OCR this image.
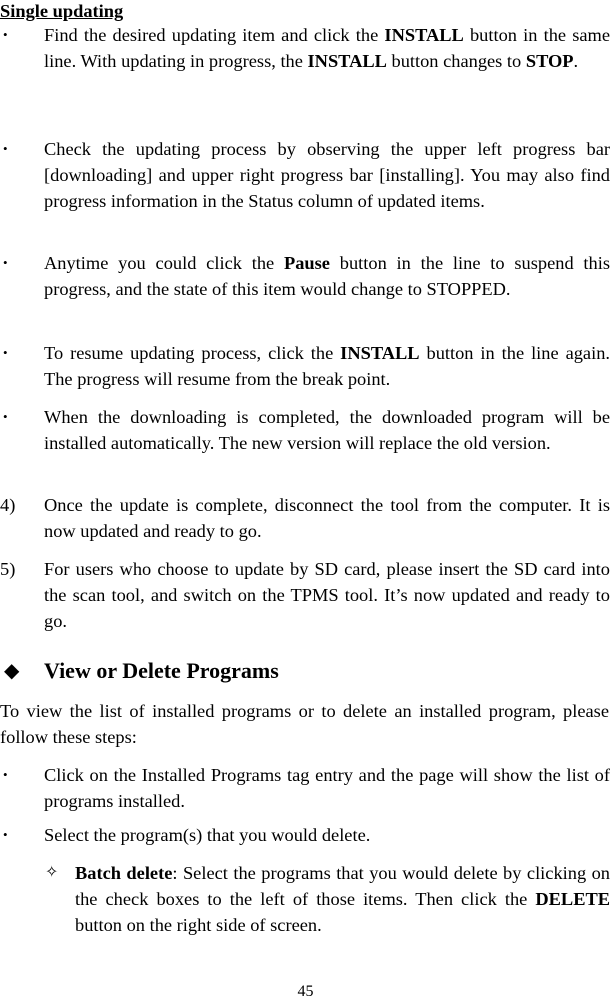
Single updating

•	Find the desired updating item and click the INSTALL button in the same line. With updating in progress, the INSTALL button changes to STOP.
•	Check the updating process by observing the upper left progress bar [downloading] and upper right progress bar [installing]. You may also find progress information in the Status column of updated items.
•	Anytime you could click the Pause button in the line to suspend this progress, and the state of this item would change to STOPPED.
•	To resume updating process, click the INSTALL button in the line again. The progress will resume from the break point.
•	When the downloading is completed, the downloaded program will be installed automatically. The new version will replace the old version.
4)	Once the update is complete, disconnect the tool from the computer. It is now updated and ready to go.
5)	For users who choose to update by SD card, please insert the SD card into the scan tool, and switch on the TPMS tool. It’s now updated and ready to go.
◆ View or Delete Programs
To view the list of installed programs or to delete an installed program, please follow these steps:
•	Click on the Installed Programs tag entry and the page will show the list of programs installed.
•	Select the program(s) that you would delete.
✧ Batch delete: Select the programs that you would delete by clicking on the check boxes to the left of those items. Then click the DELETE button on the right side of screen.
45
